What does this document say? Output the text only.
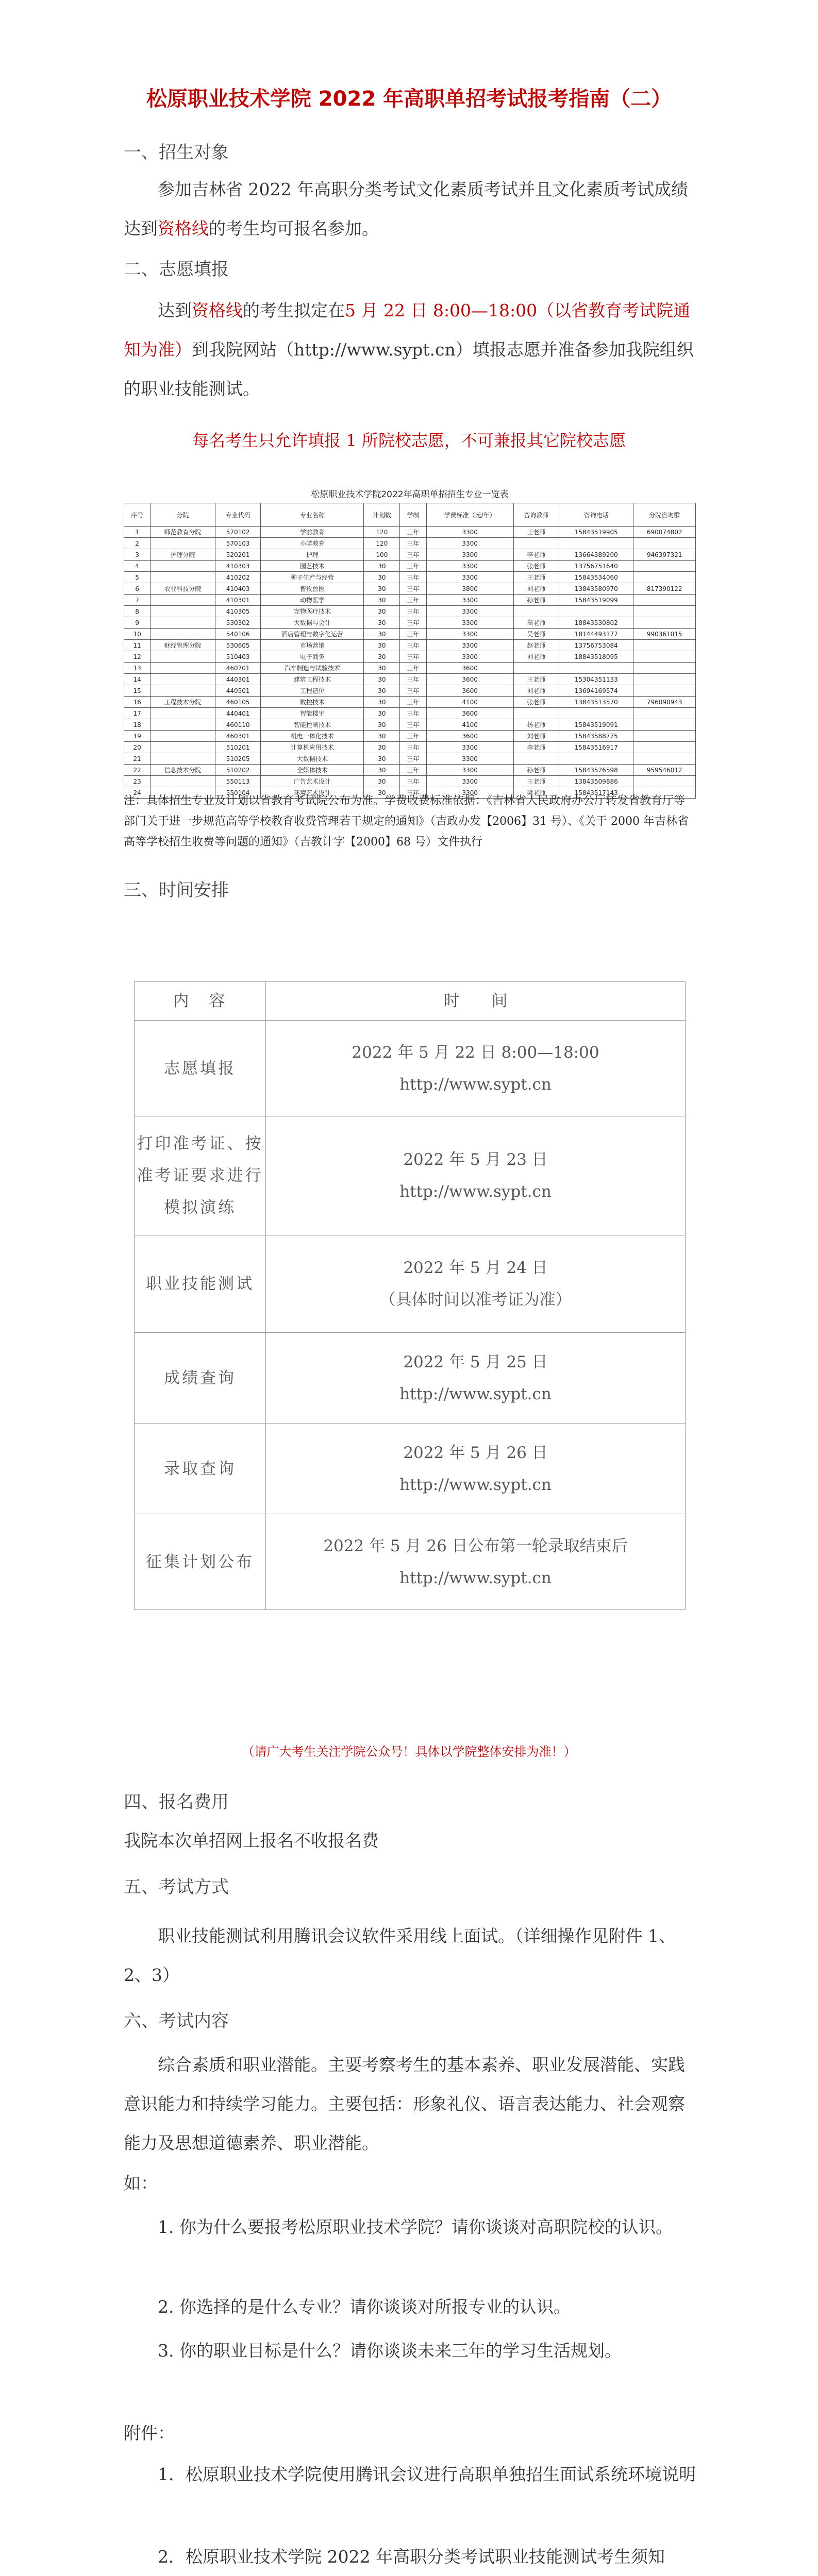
松原职业技术学院 2022 年高职单招考试报考指南（二）
一、招生对象
参加吉林省 2022 年高职分类考试文化素质考试并且文化素质考试成绩达到资格线的考生均可报名参加。
二、志愿填报
达到资格线的考生拟定在5 月 22 日 8:00—18:00（以省教育考试院通知为准）到我院网站（http://www.sypt.cn）填报志愿并准备参加我院组织的职业技能测试。
每名考生只允许填报 1 所院校志愿，不可兼报其它院校志愿
松原职业技术学院2022年高职单招招生专业一览表
序号	分院	专业代码	专业名称	计划数	学制	学费标准（元/年）	咨询教师	咨询电话	分院咨询群
1	师范教育分院	570102	学前教育	120	三年	3300	王老师	15843519905	690074802
2		570103	小学教育	120	三年	3300			
3	护理分院	520201	护理	100	三年	3300	李老师	13664389200	946397321
4		410303	园艺技术	30	三年	3300	张老师	13756751640	
5		410202	种子生产与经营	30	三年	3300	王老师	15843534060	
6	农业科技分院	410403	畜牧兽医	30	三年	3800	刘老师	13843580970	817390122
7		410301	动物医学	30	三年	3300	孙老师	15843519099	
8		410305	宠物医疗技术	30	三年	3300			
9		530302	大数据与会计	30	三年	3300	高老师	18843530802	
10		540106	酒店管理与数字化运营	30	三年	3300	吴老师	18144493177	990361015
11	财经管理分院	530605	市场营销	30	三年	3300	赵老师	13756753084	
12		510403	电子商务	30	三年	3300	刘老师	18843518095	
13		460701	汽车制造与试验技术	30	三年	3600			
14		440301	建筑工程技术	30	三年	3600	王老师	15304351133	
15		440501	工程造价	30	三年	3600	刘老师	13694169574	
16	工程技术分院	460105	数控技术	30	三年	4100	张老师	13843513570	796090943
17		440401	智能楼宇	30	三年	3600			
18		460110	智能控制技术	30	三年	4100	杨老师	15843519091	
19		460301	机电一体化技术	30	三年	3600	刘老师	15843588775	
20		510201	计算机应用技术	30	三年	3300	李老师	15843516917	
21		510205	大数据技术	30	三年	3300			
22	信息技术分院	510202	全媒体技术	30	三年	3300	孙老师	15843526598	959546012
23		550113	广告艺术设计	30	三年	3300	王老师	13843509886	
24		550104	环境艺术设计	30	三年	3300	梁老师	15843517143	
注：具体招生专业及计划以省教育考试院公布为准。学费收费标准依据：《吉林省人民政府办公厅转发省教育厅等部门关于进一步规范高等学校教育收费管理若干规定的通知》（吉政办发【2006】31 号）、《关于 2000 年吉林省高等学校招生收费等问题的通知》（吉教计字【2000】68 号）文件执行
三、时间安排
内　容	时　　间
志愿填报	2022 年 5 月 22 日 8:00—18:00
http://www.sypt.cn

打印准考证、按准考证要求进行模拟演练	2022 年 5 月 23 日
http://www.sypt.cn

职业技能测试	2022 年 5 月 24 日
（具体时间以准考证为准）

成绩查询	2022 年 5 月 25 日
http://www.sypt.cn

录取查询	2022 年 5 月 26 日
http://www.sypt.cn

征集计划公布	2022 年 5 月 26 日公布第一轮录取结束后
http://www.sypt.cn
（请广大考生关注学院公众号！具体以学院整体安排为准！）
四、报名费用
我院本次单招网上报名不收报名费
五、考试方式
职业技能测试利用腾讯会议软件采用线上面试。（详细操作见附件 1、2、3）
六、考试内容
综合素质和职业潜能。主要考察考生的基本素养、职业发展潜能、实践意识能力和持续学习能力。主要包括：形象礼仪、语言表达能力、社会观察能力及思想道德素养、职业潜能。
如：
1. 你为什么要报考松原职业技术学院？请你谈谈对高职院校的认识。
2. 你选择的是什么专业？请你谈谈对所报专业的认识。
3. 你的职业目标是什么？请你谈谈未来三年的学习生活规划。
附件：
1．松原职业技术学院使用腾讯会议进行高职单独招生面试系统环境说明
2．松原职业技术学院 2022 年高职分类考试职业技能测试考生须知
